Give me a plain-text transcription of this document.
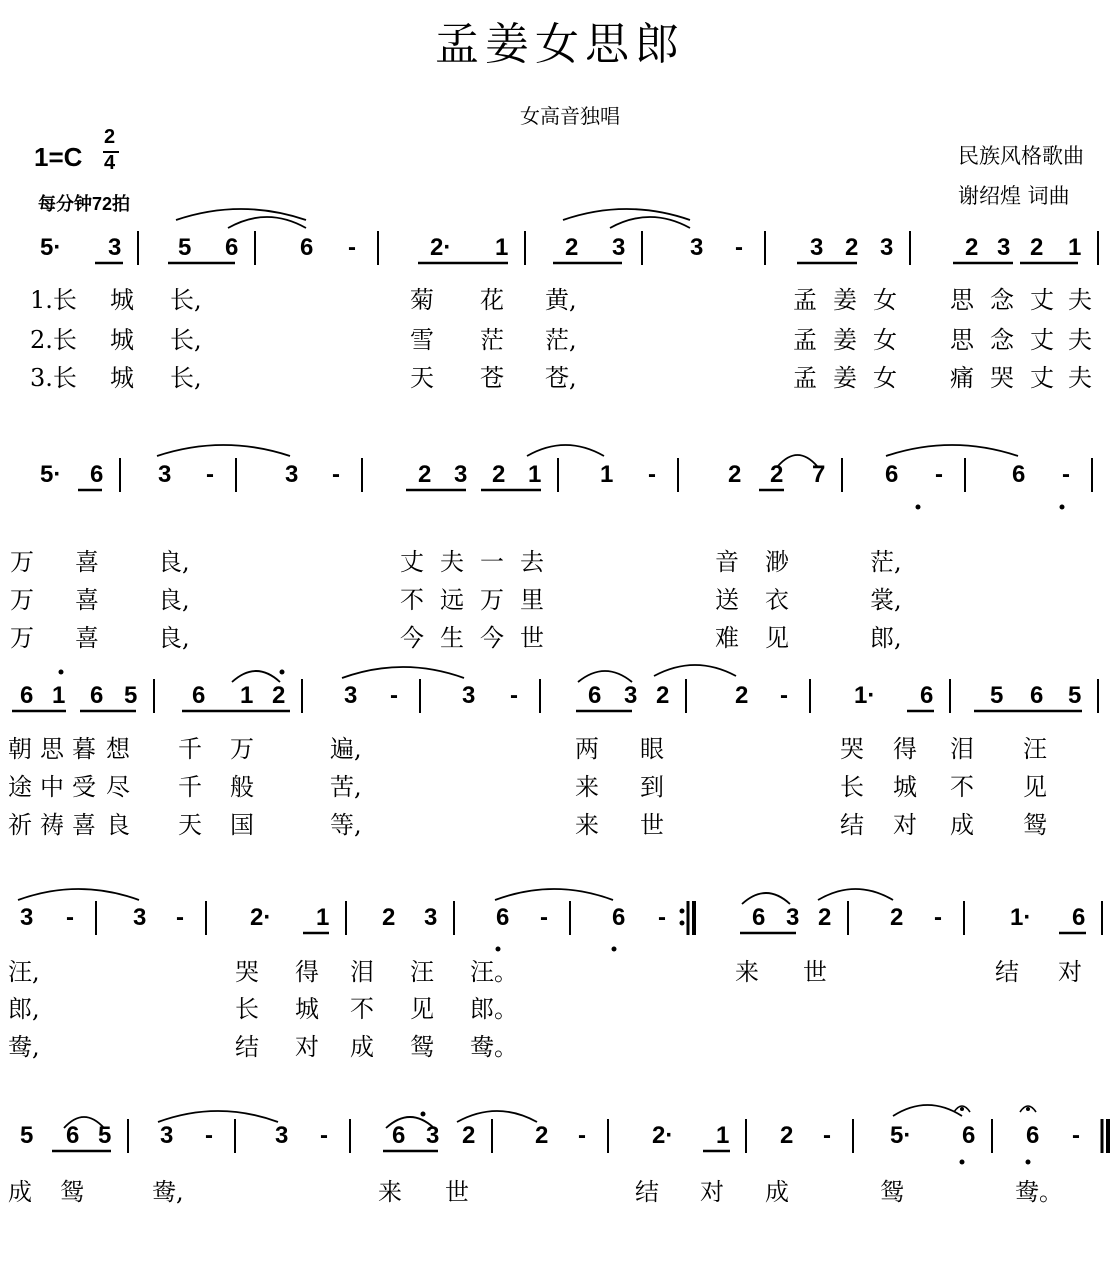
孟姜女思郎
女高音独唱
1=C
2
4
每分钟72拍
民族风格歌曲
谢绍煌 词曲
5· 3 5 6	6 -	2· 1 2 3	3 -	3 2 3	2 3 2 1
1.长 城 长,	菊 花 黄,	孟 姜 女 思 念 丈 夫
2.长 城 长,	雪 茫 茫,	孟 姜 女 思 念 丈 夫
3.长 城 长,	天 苍 苍,	孟 姜 女 痛 哭 丈 夫
5· 6 3 -	3 -	2 3 2 1 1 -	2 2 7 6 -	6 -
万 喜 良,	丈 夫 一 去	音 渺	茫,
万 喜 良,	不 远 万 里	送 衣	裳,
万 喜 良,	今 生 今 世	难 见	郎,
6 1 6 5 6 1 2 3 -	3 -	6 3 2	2 -	1· 6 5 6 5
朝 思 暮 想 千 万	遍,	两 眼	哭 得 泪 汪
途 中 受 尽 千 般	苦,	来 到	长 城 不 见
祈 祷 喜 良 天 国	等,	来 世	结 对 成 鸳
3 - 3 -	2· 1 2 3 6 -	6 -	6 3 2 2 -	1· 6
汪,	哭 得 泪 汪 汪。	来 世	结 对
郎,	长 城 不 见 郎。
鸯,	结 对 成 鸳 鸯。
5 6 5 3 -	3 -	6 3 2 2 -	2· 1 2 - 5· 6 6 -
成 鸳	鸯,	来 世	结 对 成	鸳	鸯。
